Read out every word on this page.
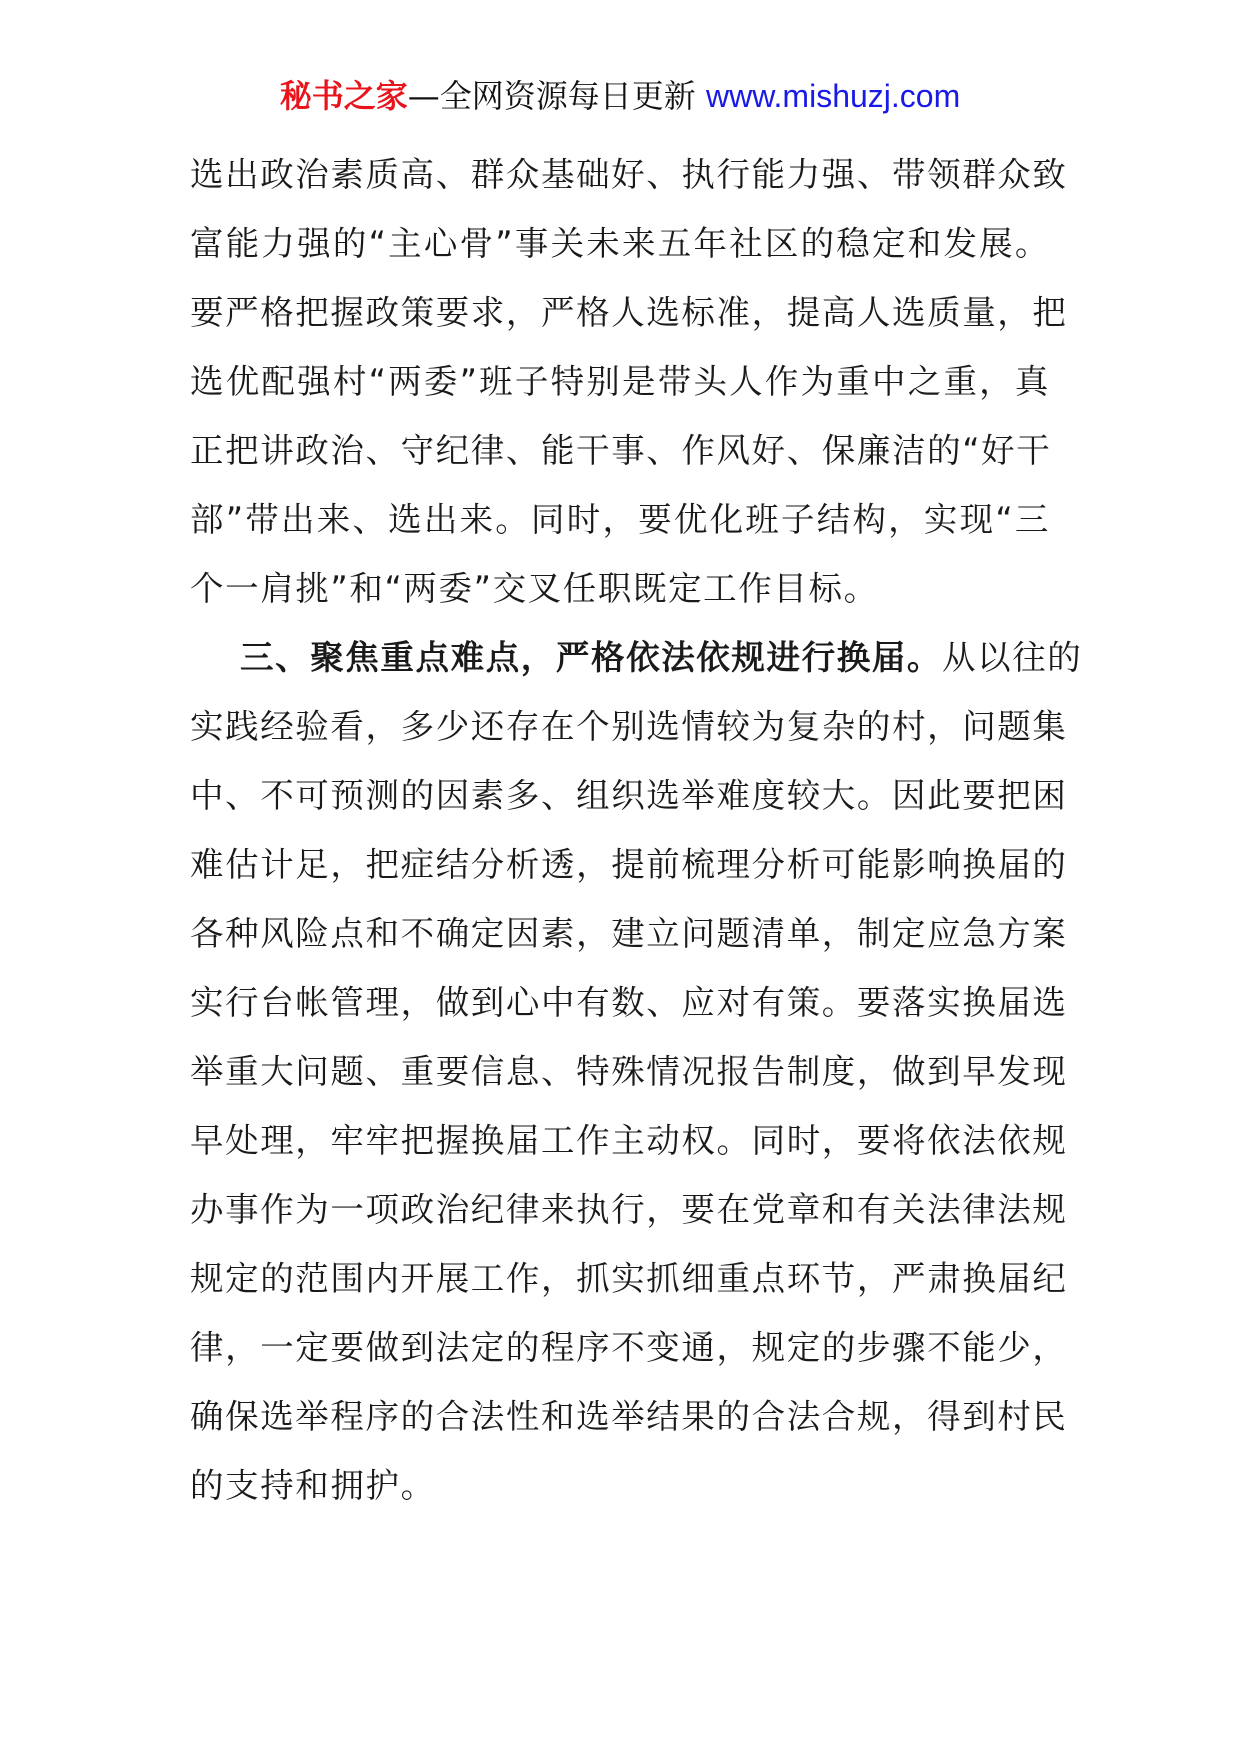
秘书之家—全网资源每日更新 www.mishuzj.com
选出政治素质高、群众基础好、执行能力强、带领群众致
富能力强的“主心骨”事关未来五年社区的稳定和发展。
要严格把握政策要求，严格人选标准，提高人选质量，把
选优配强村“两委”班子特别是带头人作为重中之重，真
正把讲政治、守纪律、能干事、作风好、保廉洁的“好干
部”带出来、选出来。同时，要优化班子结构，实现“三
个一肩挑”和“两委”交叉任职既定工作目标。
三、聚焦重点难点，严格依法依规进行换届。从以往的
实践经验看，多少还存在个别选情较为复杂的村，问题集
中、不可预测的因素多、组织选举难度较大。因此要把困
难估计足，把症结分析透，提前梳理分析可能影响换届的
各种风险点和不确定因素，建立问题清单，制定应急方案
实行台帐管理，做到心中有数、应对有策。要落实换届选
举重大问题、重要信息、特殊情况报告制度，做到早发现
早处理，牢牢把握换届工作主动权。同时，要将依法依规
办事作为一项政治纪律来执行，要在党章和有关法律法规
规定的范围内开展工作，抓实抓细重点环节，严肃换届纪
律，一定要做到法定的程序不变通，规定的步骤不能少，
确保选举程序的合法性和选举结果的合法合规，得到村民
的支持和拥护。
